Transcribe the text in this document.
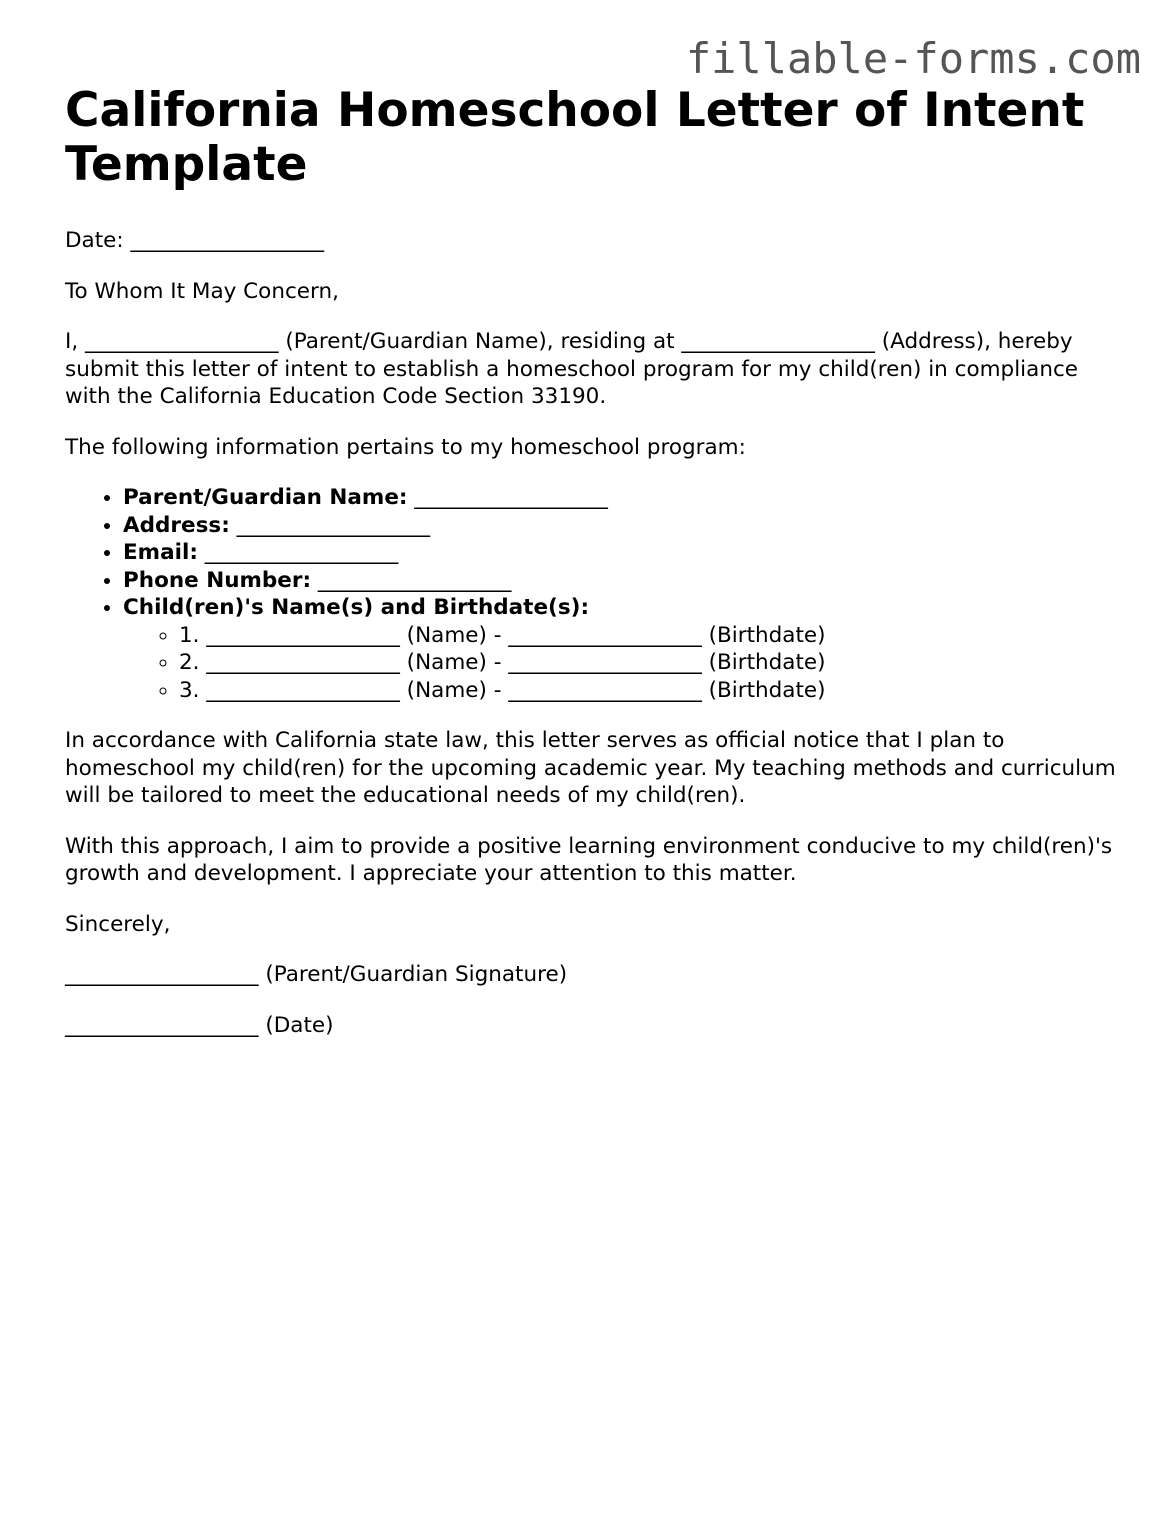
fillable-forms.com
California Homeschool Letter of Intent Template

Date: __________________

To Whom It May Concern,

I, __________________ (Parent/Guardian Name), residing at __________________ (Address), hereby submit this letter of intent to establish a homeschool program for my child(ren) in compliance with the California Education Code Section 33190.

The following information pertains to my homeschool program:

• Parent/Guardian Name: __________________
• Address: __________________
• Email: __________________
• Phone Number: __________________
• Child(ren)'s Name(s) and Birthdate(s):
◦ 1. __________________ (Name) - __________________ (Birthdate)
◦ 2. __________________ (Name) - __________________ (Birthdate)
◦ 3. __________________ (Name) - __________________ (Birthdate)

In accordance with California state law, this letter serves as official notice that I plan to homeschool my child(ren) for the upcoming academic year. My teaching methods and curriculum will be tailored to meet the educational needs of my child(ren).

With this approach, I aim to provide a positive learning environment conducive to my child(ren)'s growth and development. I appreciate your attention to this matter.

Sincerely,

__________________ (Parent/Guardian Signature)

__________________ (Date)
